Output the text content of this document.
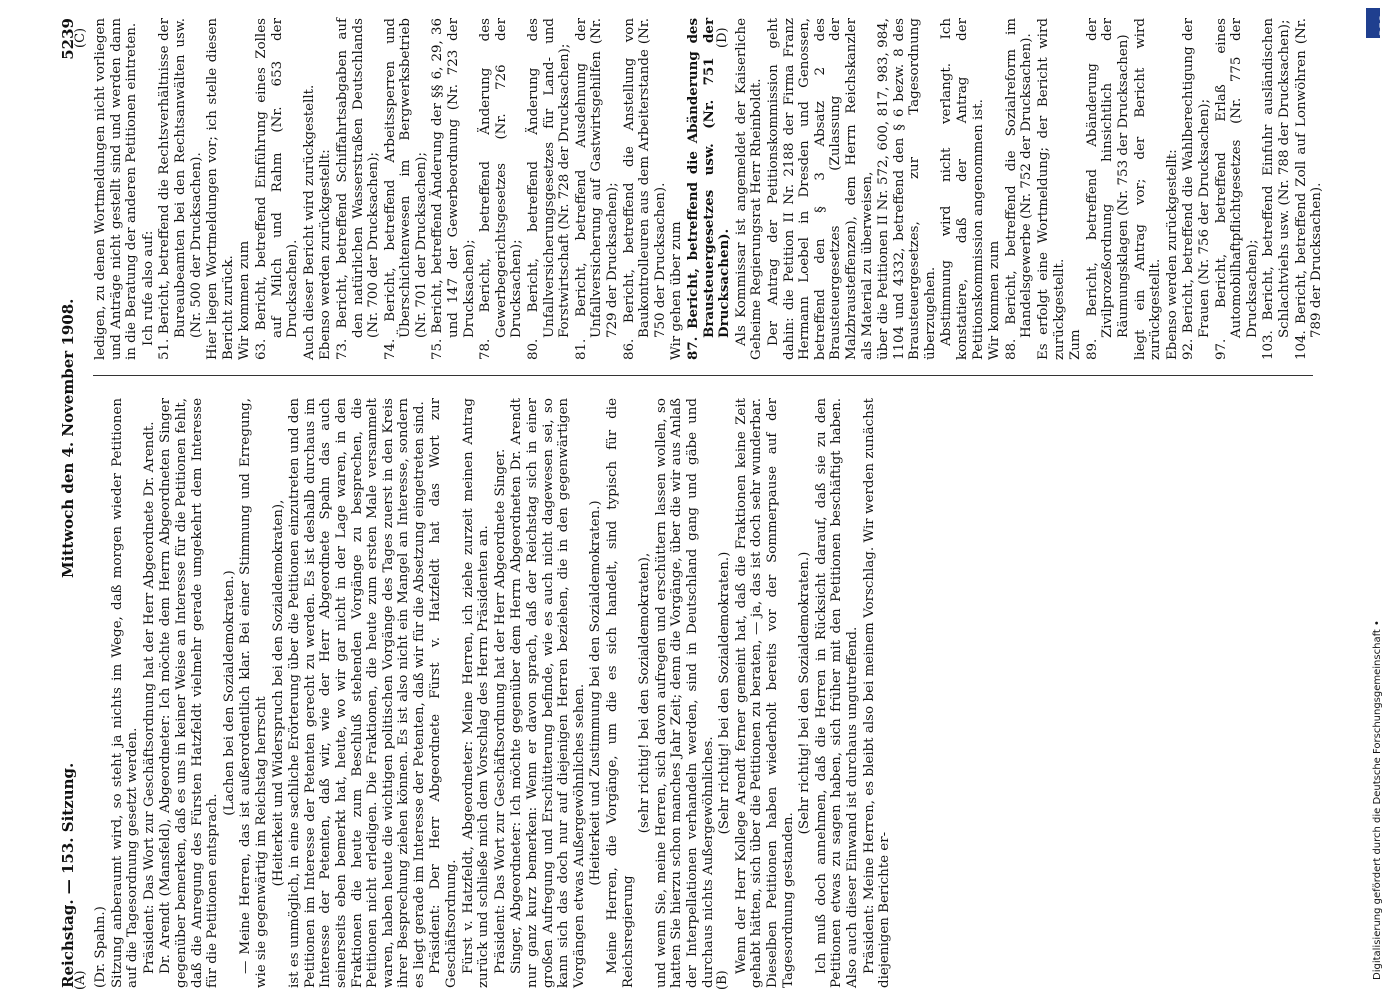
Reichstag. — 153. Sitzung.
Mittwoch den 4. November 1908.
5239

(Dr. Spahn.) Sitzung anberaumt wird, so steht ja nichts im Wege, daß morgen wieder Petitionen auf die Tagesordnung gesetzt werden. Präsident: Das Wort zur Geschäftsordnung hat der Herr Abgeordnete Dr. Arendt. Dr. Arendt (Mansfeld), Abgeordneter: Ich möchte dem Herrn Abgeordneten Singer gegenüber bemerken, daß es uns in keiner Weise an Interesse für die Petitionen fehlt, daß die Anregung des Fürsten Hatzfeldt vielmehr gerade umgekehrt dem Interesse für die Petitionen entsprach.

(Lachen bei den Sozialdemokraten.) — Meine Herren, das ist außerordentlich klar. Bei einer Stimmung und Erregung, wie sie gegenwärtig im Reichstag herrscht (Heiterkeit und Widerspruch bei den Sozialdemokraten), ist es unmöglich, in eine sachliche Erörterung über die Petitionen einzutreten und den Petitionen im Interesse der Petenten gerecht zu werden. Es ist deshalb durchaus im Interesse der Petenten, daß wir, wie der Herr Abgeordnete Spahn das auch seinerseits eben bemerkt hat, heute, wo wir gar nicht in der Lage waren, in den Fraktionen die heute zum Beschluß stehenden Vorgänge zu besprechen, die Petitionen nicht erledigen. Die Fraktionen, die heute zum ersten Male versammelt waren, haben heute die wichtigen politischen Vorgänge des Tages zuerst in den Kreis ihrer Besprechung ziehen können. Es ist also nicht ein Mangel an Interesse, sondern es liegt gerade im Interesse der Petenten, daß wir für die Absetzung eingetreten sind. Präsident: Der Herr Abgeordnete Fürst v. Hatzfeldt hat das Wort zur Geschäftsordnung. Fürst v. Hatzfeldt, Abgeordneter: Meine Herren, ich ziehe zurzeit meinen Antrag zurück und schließe mich dem Vorschlag des Herrn Präsidenten an. Präsident: Das Wort zur Geschäftsordnung hat der Herr Abgeordnete Singer. Singer, Abgeordneter: Ich möchte gegenüber dem Herrn Abgeordneten Dr. Arendt nur ganz kurz bemerken: Wenn er davon sprach, daß der Reichstag sich in einer großen Aufregung und Erschütterung befinde, wie es auch nicht dagewesen sei, so kann sich das doch nur auf diejenigen Herren beziehen, die in den gegenwärtigen Vorgängen etwas Außergewöhnliches sehen. (Heiterkeit und Zustimmung bei den Sozialdemokraten.) Meine Herren, die Vorgänge, um die es sich handelt, sind typisch für die Reichsregierung

(sehr richtig! bei den Sozialdemokraten), und wenn Sie, meine Herren, sich davon aufregen und erschüttern lassen wollen, so hatten Sie hierzu schon manches Jahr Zeit; denn die Vorgänge, über die wir aus Anlaß der Interpellationen verhandeln werden, sind in Deutschland gang und gäbe und durchaus nichts Außergewöhnliches.

(Sehr richtig! bei den Sozialdemokraten.) Wenn der Herr Kollege Arendt ferner gemeint hat, daß die Fraktionen keine Zeit gehabt hätten, sich über die Petitionen zu beraten, — ja, das ist doch sehr wunderbar. Dieselben Petitionen haben wiederholt bereits vor der Sommerpause auf der Tagesordnung gestanden.

(Sehr richtig! bei den Sozialdemokraten.) Ich muß doch annehmen, daß die Herren in Rücksicht darauf, daß sie zu den Petitionen etwas zu sagen haben, sich früher mit den Petitionen beschäftigt haben. Also auch dieser Einwand ist durchaus ungutreffend. Präsident: Meine Herren, es bleibt also bei meinem Vorschlag. Wir werden zunächst diejenigen Berichte er-

ledigen, zu denen Wortmeldungen nicht vorliegen und Anträge nicht gestellt sind und werden dann in die Beratung der anderen Petitionen eintreten. Ich rufe also auf: 51. Bericht, betreffend die Rechtsverhältnisse der Bureaubeamten bei den Rechtsanwälten usw. (Nr. 500 der Drucksachen). Hier liegen Wortmeldungen vor; ich stelle diesen Bericht zurück. Wir kommen zum 63. Bericht, betreffend Einführung eines Zolles auf Milch und Rahm (Nr. 653 der Drucksachen). Auch dieser Bericht wird zurückgestellt. Ebenso werden zurückgestellt: 73. Bericht, betreffend Schiffahrtsabgaben auf den natürlichen Wasserstraßen Deutschlands (Nr. 700 der Drucksachen); 74. Bericht, betreffend Arbeitssperren und Überschichtenwesen im Bergwerksbetrieb (Nr. 701 der Drucksachen); 75. Bericht, betreffend Änderung der §§ 6, 29, 36 und 147 der Gewerbeordnung (Nr. 723 der Drucksachen); 78. Bericht, betreffend Änderung des Gewerbegerichtsgesetzes (Nr. 726 der Drucksachen); 80. Bericht, betreffend Änderung des Unfallversicherungsgesetzes für Land- und Forstwirtschaft (Nr. 728 der Drucksachen); 81. Bericht, betreffend Ausdehnung der Unfallversicherung auf Gastwirtsgehilfen (Nr. 729 der Drucksachen); 86. Bericht, betreffend die Anstellung von Baukontrolleuren aus dem Arbeiterstande (Nr. 750 der Drucksachen). Wir gehen über zum 87. Bericht, betreffend die Abänderung des Brausteuergesetzes usw. (Nr. 751 der Drucksachen). Als Kommissar ist angemeldet der Kaiserliche Geheime Regierungsrat Herr Rheinboldt. Der Antrag der Petitionskommission geht dahin: die Petition II Nr. 2188 der Firma Franz Hermann Loebel in Dresden und Genossen, betreffend den § 3 Absatz 2 des Brausteuergesetzes (Zulassung der Malzbrausteffenzen), dem Herrn Reichskanzler als Material zu überweisen, über die Petitionen II Nr. 572, 600, 817, 983, 984, 1104 und 4332, betreffend den § 6 bezw. 8 des Brausteuergesetzes, zur Tagesordnung überzugehen. Abstimmung wird nicht verlangt. Ich konstatiere, daß der Antrag der Petitionskommission angenommen ist. Wir kommen zum 88. Bericht, betreffend die Sozialreform im Handelsgewerbe (Nr. 752 der Drucksachen). Es erfolgt eine Wortmeldung; der Bericht wird zurückgestellt. Zum 89. Bericht, betreffend Abänderung der Zivilprozeßordnung hinsichtlich der Räumungsklagen (Nr. 753 der Drucksachen) liegt ein Antrag vor; der Bericht wird zurückgestellt. Ebenso werden zurückgestellt: 92. Bericht, betreffend die Wahlberechtigung der Frauen (Nr. 756 der Drucksachen); 97. Bericht, betreffend Erlaß eines Automobilhaftpflichtgesetzes (Nr. 775 der Drucksachen); 103. Bericht, betreffend Einfuhr ausländischen Schlachtviehs usw. (Nr. 788 der Drucksachen); 104. Bericht, betreffend Zoll auf Lonwöhren (Nr. 789 der Drucksachen).

(A)	(B)
(C)	(D)
DFG
Digitalisierung gefördert durch die Deutsche Forschungsgemeinschaft •
